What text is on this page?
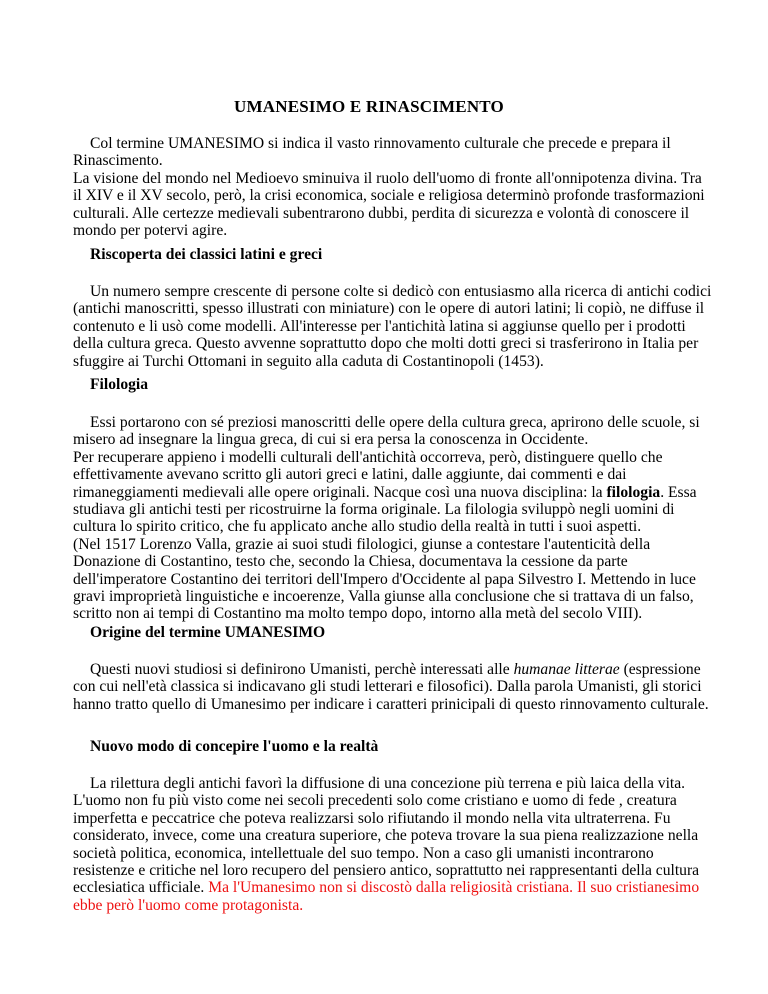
UMANESIMO E RINASCIMENTO

Col termine UMANESIMO si indica il vasto rinnovamento culturale che precede e prepara il Rinascimento.

La visione del mondo nel Medioevo sminuiva il ruolo dell'uomo di fronte all'onnipotenza divina. Tra il XIV e il XV secolo, però, la crisi economica, sociale e religiosa determinò profonde trasformazioni culturali. Alle certezze medievali subentrarono dubbi, perdita di sicurezza e volontà di conoscere il mondo per potervi agire.

Riscoperta dei classici latini e greci

Un numero sempre crescente di persone colte si dedicò con entusiasmo alla ricerca di antichi codici (antichi manoscritti, spesso illustrati con miniature) con le opere di autori latini; li copiò, ne diffuse il contenuto e li usò come modelli. All'interesse per l'antichità latina si aggiunse quello per i prodotti della cultura greca. Questo avvenne soprattutto dopo che molti dotti greci si trasferirono in Italia per sfuggire ai Turchi Ottomani in seguito alla caduta di Costantinopoli (1453).

Filologia

Essi portarono con sé preziosi manoscritti delle opere della cultura greca, aprirono delle scuole, si misero ad insegnare la lingua greca, di cui si era persa la conoscenza in Occidente.

Per recuperare appieno i modelli culturali dell'antichità occorreva, però, distinguere quello che effettivamente avevano scritto gli autori greci e latini, dalle aggiunte, dai commenti e dai rimaneggiamenti medievali alle opere originali. Nacque così una nuova disciplina: la filologia. Essa studiava gli antichi testi per ricostruirne la forma originale. La filologia sviluppò negli uomini di cultura lo spirito critico, che fu applicato anche allo studio della realtà in tutti i suoi aspetti.

(Nel 1517 Lorenzo Valla, grazie ai suoi studi filologici, giunse a contestare l'autenticità della Donazione di Costantino, testo che, secondo la Chiesa, documentava la cessione da parte dell'imperatore Costantino dei territori dell'Impero d'Occidente al papa Silvestro I. Mettendo in luce gravi improprietà linguistiche e incoerenze, Valla giunse alla conclusione che si trattava di un falso, scritto non ai tempi di Costantino ma molto tempo dopo, intorno alla metà del secolo VIII).

Origine del termine UMANESIMO

Questi nuovi studiosi si definirono Umanisti, perchè interessati alle humanae litterae (espressione con cui nell'età classica si indicavano gli studi letterari e filosofici). Dalla parola Umanisti, gli storici hanno tratto quello di Umanesimo per indicare i caratteri prinicipali di questo rinnovamento culturale.

Nuovo modo di concepire l'uomo e la realtà

La rilettura degli antichi favorì la diffusione di una concezione più terrena e più laica della vita. L'uomo non fu più visto come nei secoli precedenti solo come cristiano e uomo di fede , creatura imperfetta e peccatrice che poteva realizzarsi solo rifiutando il mondo nella vita ultraterrena. Fu considerato, invece, come una creatura superiore, che poteva trovare la sua piena realizzazione nella società politica, economica, intellettuale del suo tempo. Non a caso gli umanisti incontrarono resistenze e critiche nel loro recupero del pensiero antico, soprattutto nei rappresentanti della cultura ecclesiatica ufficiale. Ma l'Umanesimo non si discostò dalla religiosità cristiana. Il suo cristianesimo ebbe però l'uomo come protagonista.
